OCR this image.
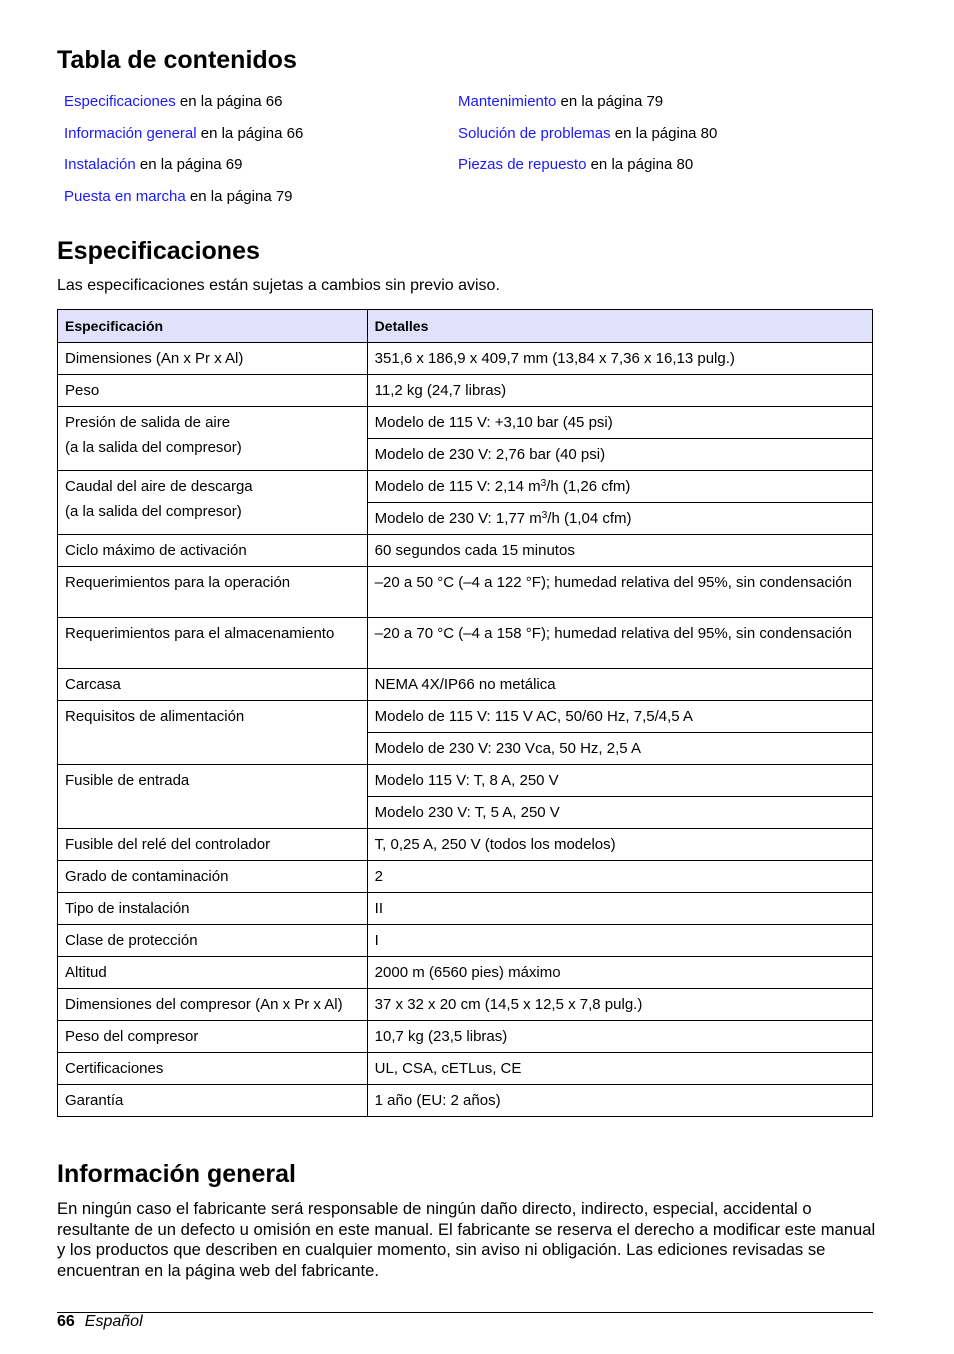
Tabla de contenidos
Especificaciones en la página 66
Información general en la página 66
Instalación en la página 69
Puesta en marcha en la página 79
Mantenimiento en la página 79
Solución de problemas en la página 80
Piezas de repuesto en la página 80
Especificaciones

Las especificaciones están sujetas a cambios sin previo aviso.

Especificación	Detalles
Dimensiones (An x Pr x Al)	351,6 x 186,9 x 409,7 mm (13,84 x 7,36 x 16,13 pulg.)
Peso	11,2 kg (24,7 libras)
Presión de salida de aire
(a la salida del compresor)	Modelo de 115 V: +3,10 bar (45 psi)
	Modelo de 230 V: 2,76 bar (40 psi)
Caudal del aire de descarga
(a la salida del compresor)	Modelo de 115 V: 2,14 $m^3/h$ (1,26 cfm)
	Modelo de 230 V: 1,77 $m^3/h$ (1,04 cfm)
Ciclo máximo de activación	60 segundos cada 15 minutos
Requerimientos para la operación	–20 a 50 °C (–4 a 122 °F); humedad relativa del 95%, sin condensación
Requerimientos para el almacenamiento	–20 a 70 °C (–4 a 158 °F); humedad relativa del 95%, sin condensación
Carcasa	NEMA 4X/IP66 no metálica
Requisitos de alimentación	Modelo de 115 V: 115 V AC, 50/60 Hz, 7,5/4,5 A
	Modelo de 230 V: 230 Vca, 50 Hz, 2,5 A
Fusible de entrada	Modelo 115 V: T, 8 A, 250 V
	Modelo 230 V: T, 5 A, 250 V
Fusible del relé del controlador	T, 0,25 A, 250 V (todos los modelos)
Grado de contaminación	2
Tipo de instalación	II
Clase de protección	I
Altitud	2000 m (6560 pies) máximo
Dimensiones del compresor (An x Pr x Al)	37 x 32 x 20 cm (14,5 x 12,5 x 7,8 pulg.)
Peso del compresor	10,7 kg (23,5 libras)
Certificaciones	UL, CSA, cETLus, CE
Garantía	1 año (EU: 2 años)
Información general

En ningún caso el fabricante será responsable de ningún daño directo, indirecto, especial, accidental o resultante de un defecto u omisión en este manual. El fabricante se reserva el derecho a modificar este manual y los productos que describen en cualquier momento, sin aviso ni obligación. Las ediciones revisadas se encuentran en la página web del fabricante.

66 Español
